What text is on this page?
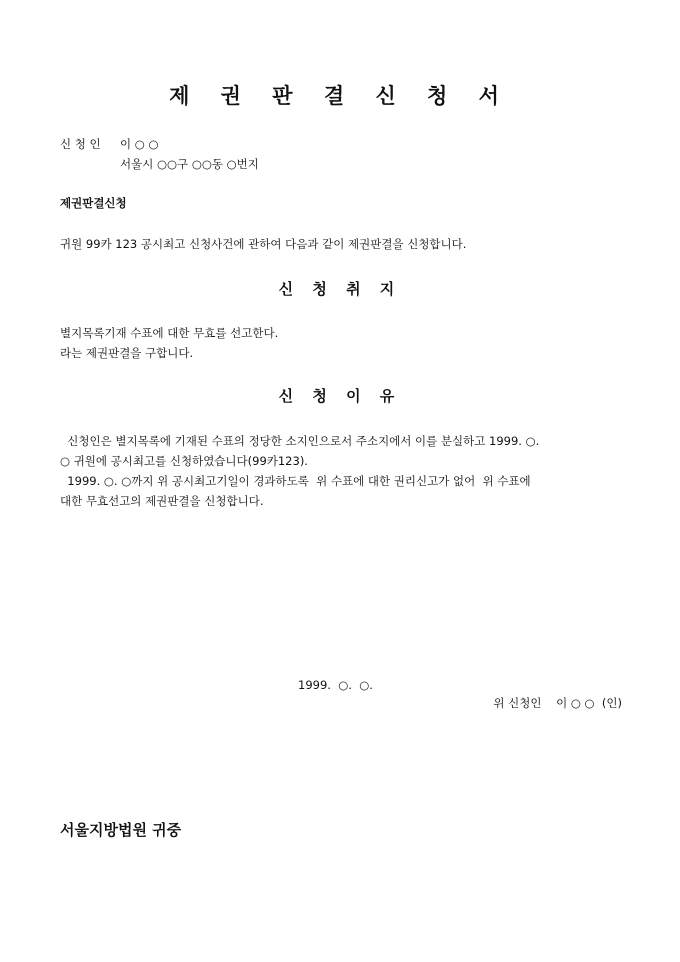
제 권 판 결 신 청 서
신 청 인 이 ○ ○
서울시 ○○구 ○○동 ○번지
제권판결신청
귀원 99카 123 공시최고 신청사건에 관하여 다음과 같이 제권판결을 신청합니다.
신 청 취 지
별지목록기재 수표에 대한 무효를 선고한다.
라는 제권판결을 구합니다.
신 청 이 유
신청인은 별지목록에 기재된 수표의 정당한 소지인으로서 주소지에서 이를 분실하고 1999. ○.
○ 귀원에 공시최고를 신청하였습니다(99카123).
1999. ○. ○까지 위 공시최고기일이 경과하도록  위 수표에 대한 권리신고가 없어  위 수표에
대한 무효선고의 제권판결을 신청합니다.
1999.  ○.  ○.
위 신청인    이 ○ ○  (인)
서울지방법원 귀중
